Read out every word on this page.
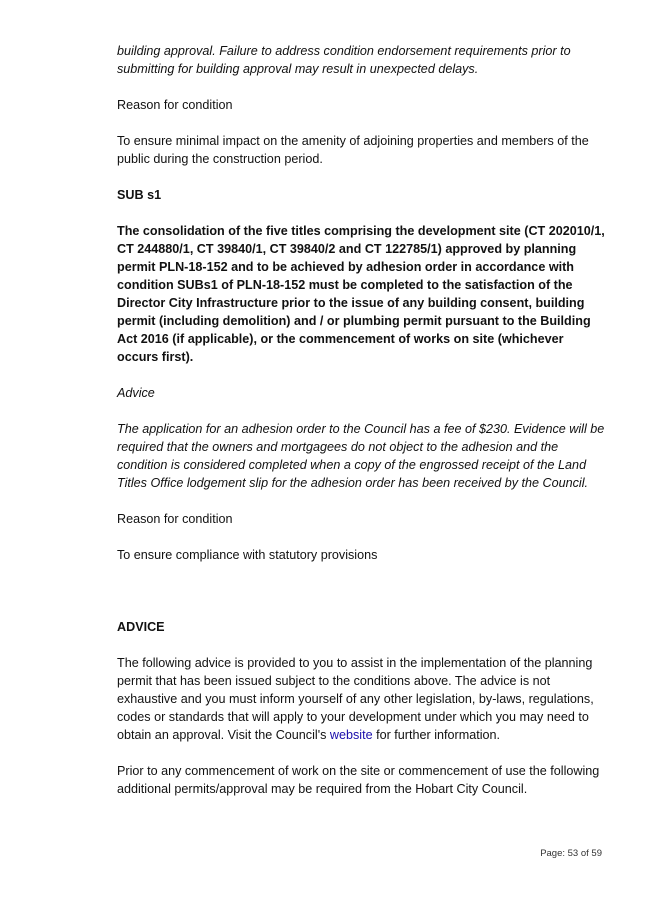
building approval. Failure to address condition endorsement requirements prior to submitting for building approval may result in unexpected delays.

Reason for condition

To ensure minimal impact on the amenity of adjoining properties and members of the public during the construction period.

SUB s1

The consolidation of the five titles comprising the development site (CT 202010/1, CT 244880/1, CT 39840/1, CT 39840/2 and CT 122785/1) approved by planning permit PLN-18-152 and to be achieved by adhesion order in accordance with condition SUBs1 of PLN-18-152 must be completed to the satisfaction of the Director City Infrastructure prior to the issue of any building consent, building permit (including demolition) and / or plumbing permit pursuant to the Building Act 2016 (if applicable), or the commencement of works on site (whichever occurs first).

Advice

The application for an adhesion order to the Council has a fee of $230. Evidence will be required that the owners and mortgagees do not object to the adhesion and the condition is considered completed when a copy of the engrossed receipt of the Land Titles Office lodgement slip for the adhesion order has been received by the Council.

Reason for condition

To ensure compliance with statutory provisions

ADVICE

The following advice is provided to you to assist in the implementation of the planning permit that has been issued subject to the conditions above. The advice is not exhaustive and you must inform yourself of any other legislation, by-laws, regulations, codes or standards that will apply to your development under which you may need to obtain an approval. Visit the Council's website for further information.

Prior to any commencement of work on the site or commencement of use the following additional permits/approval may be required from the Hobart City Council.

Page: 53 of 59
